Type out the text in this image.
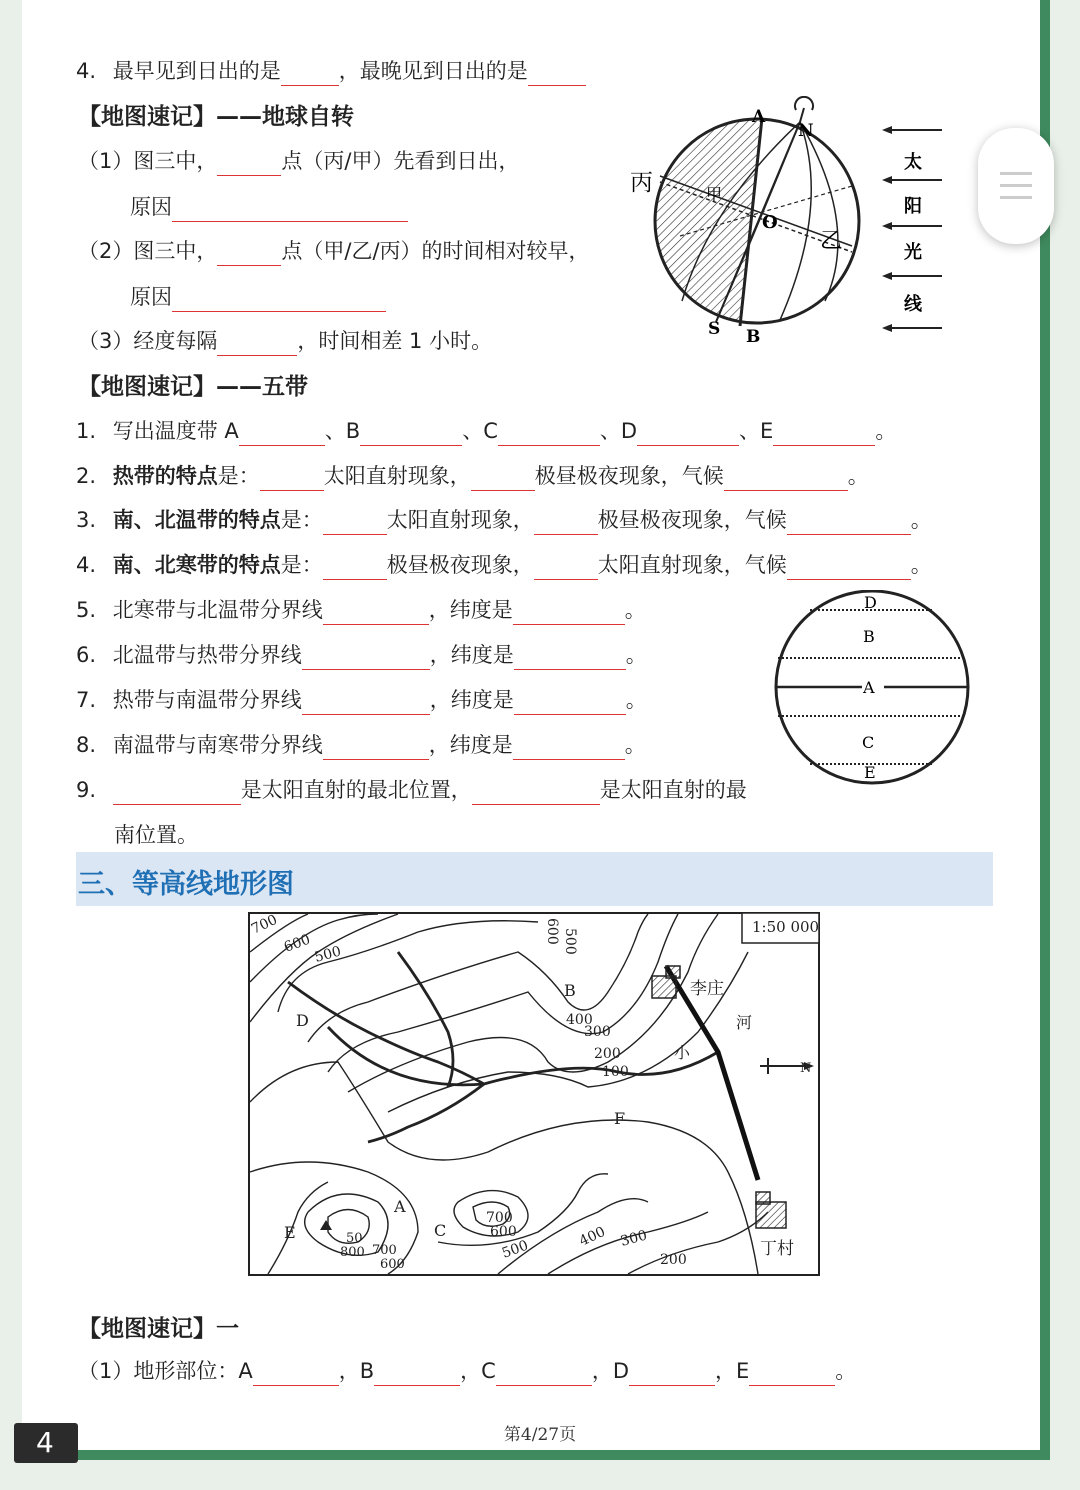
4. 最早见到日出的是	，最晚见到日出的是
【地图速记】——地球自转
（1）图三中，	点（丙/甲）先看到日出，
原因
（2）图三中，	点（甲/乙/丙）的时间相对较早，
原因
（3）经度每隔	，时间相差 1 小时。
A
N
S B
O
丙	甲
乙
太
阳
光
线
【地图速记】——五带
1. 写出温度带 A	、B	、C	、D	、E	。
2. 热带的特点是：	太阳直射现象，	极昼极夜现象，气候	。
3. 南、北温带的特点是：	太阳直射现象，	极昼极夜现象，气候	。
4. 南、北寒带的特点是：	极昼极夜现象，	太阳直射现象，气候	。
5. 北寒带与北温带分界线	，纬度是	。
6. 北温带与热带分界线	，纬度是	。
7. 热带与南温带分界线	，纬度是	。
8. 南温带与南寒带分界线	，纬度是	。
9.	是太阳直射的最北位置，	是太阳直射的最
南位置。
D
B
A
C
E
三、等高线地形图
1:50 000
李庄
丁村
河
小
N
B
D
F
A
C
E
700
600 500
600 500
400
300
200
100
50
800 700
600
700
600
500
400 300
200
【地图速记】一
（1）地形部位：A	，B	，C	，D	，E	。
第4/27页
4
